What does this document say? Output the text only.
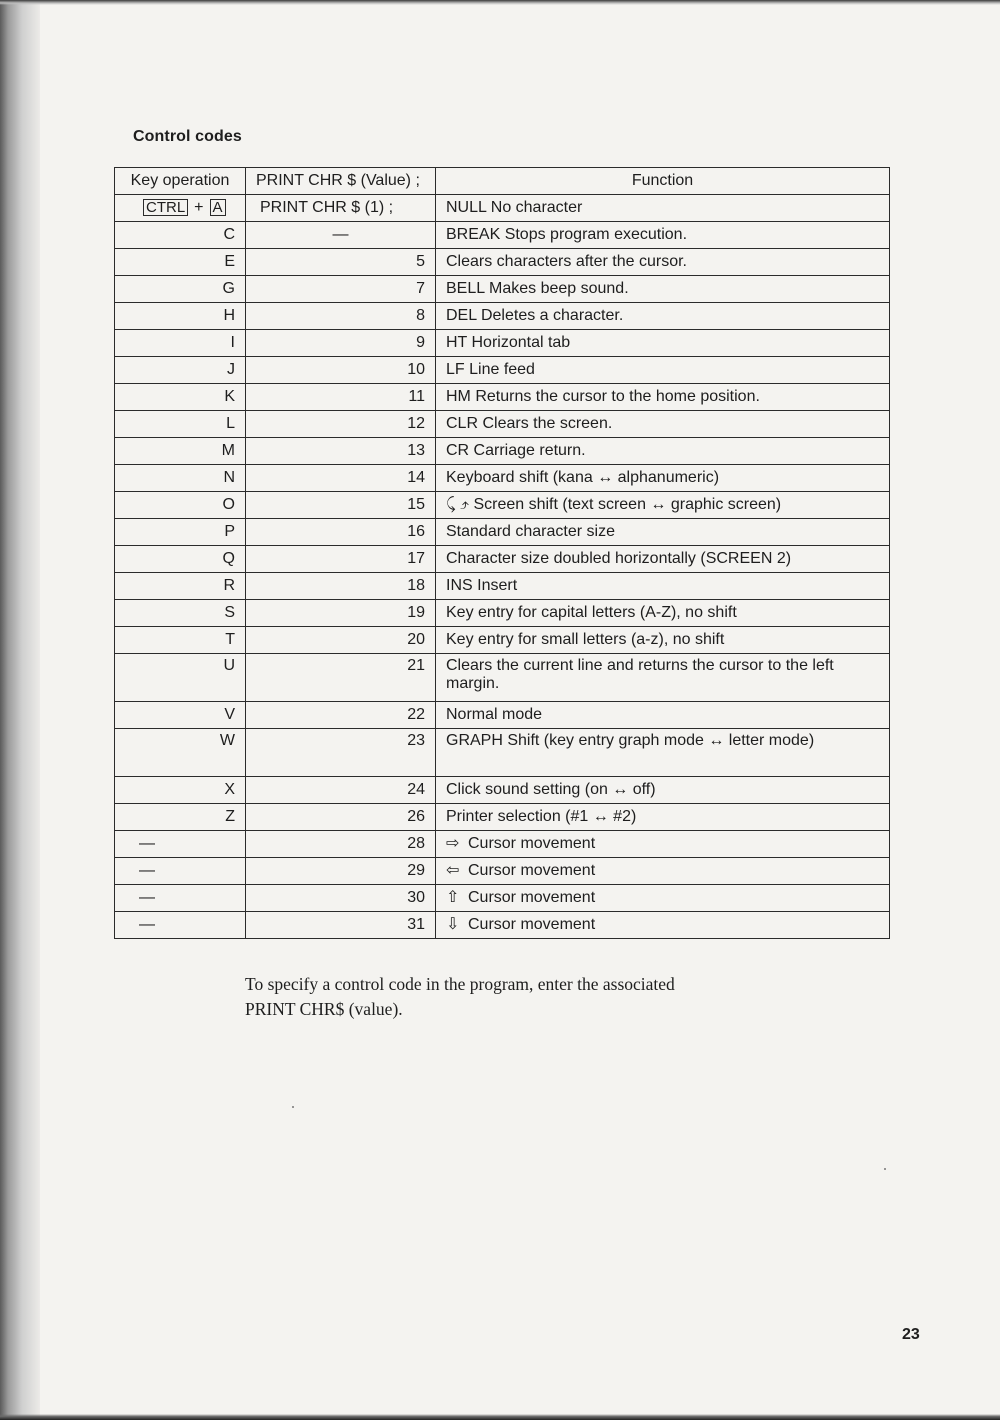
Control codes
Key operation	PRINT CHR $ (Value) ;	Function
CTRL + A	PRINT CHR $ (1) ;	NULL No character
C	—	BREAK Stops program execution.
E	5	Clears characters after the cursor.
G	7	BELL Makes beep sound.
H	8	DEL Deletes a character.
I	9	HT Horizontal tab
J	10	LF Line feed
K	11	HM Returns the cursor to the home position.
L	12	CLR Clears the screen.
M	13	CR Carriage return.
N	14	Keyboard shift (kana ↔ alphanumeric)
O	15	⤹ ⤴ Screen shift (text screen ↔ graphic screen)
P	16	Standard character size
Q	17	Character size doubled horizontally (SCREEN 2)
R	18	INS Insert
S	19	Key entry for capital letters (A-Z), no shift
T	20	Key entry for small letters (a-z), no shift
U	21	Clears the current line and returns the cursor to the left margin.
V	22	Normal mode
W	23	GRAPH Shift (key entry graph mode ↔ letter mode)
X	24	Click sound setting (on ↔ off)
Z	26	Printer selection (#1 ↔ #2)
—	28	⇨ Cursor movement
—	29	⇦ Cursor movement
—	30	⇧ Cursor movement
—	31	⇩ Cursor movement
To specify a control code in the program, enter the associated
PRINT CHR$ (value).
23
